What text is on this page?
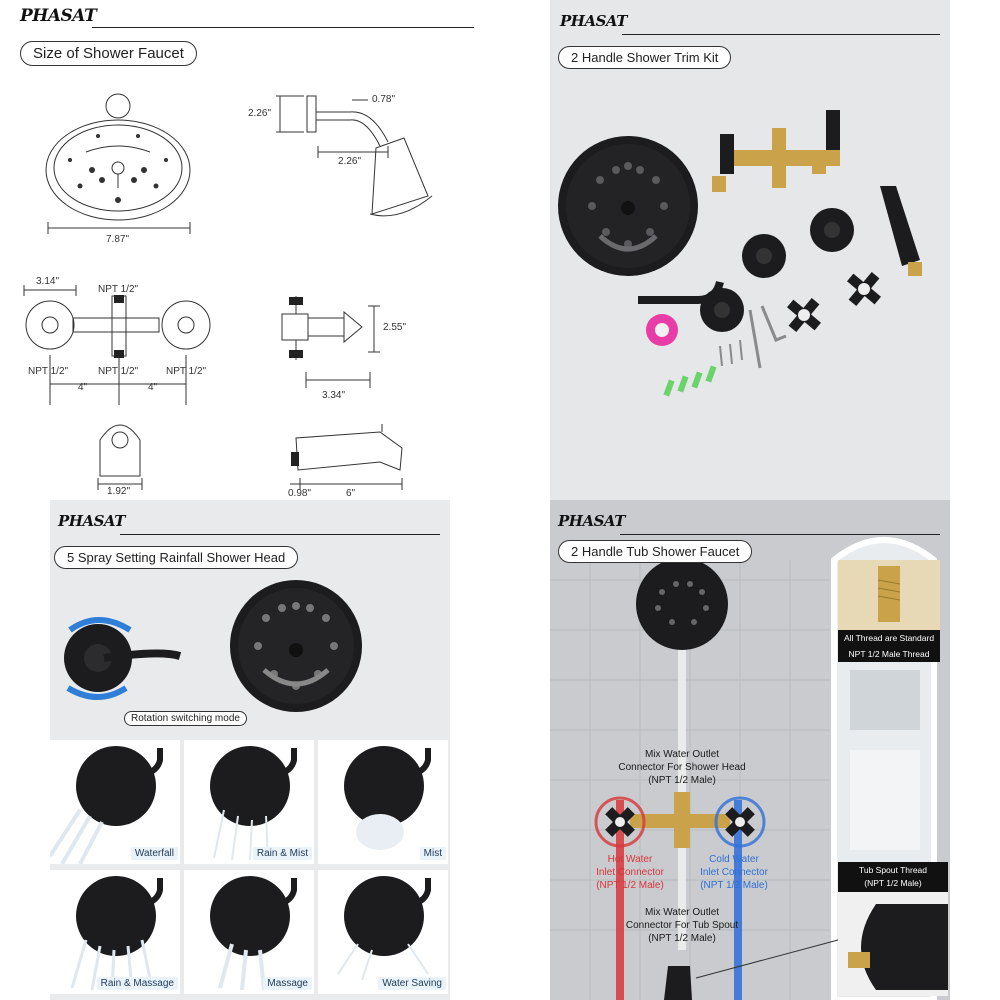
PHASAT
Size of Shower Faucet
7.87"
2.26"
0.78"
2.26"
3.14"
NPT 1/2"
NPT 1/2"	NPT 1/2"	NPT 1/2"
4"	4"
2.55"
3.34"
1.92"	0.98"	6"
PHASAT
2 Handle Shower Trim Kit
PHASAT
5 Spray Setting Rainfall Shower Head
Rotation switching mode
Waterfall	Rain & Mist	Mist
Rain & Massage	Massage	Water Saving
PHASAT
2 Handle Tub Shower Faucet
All Thread are Standard
NPT 1/2 Male Thread
Mix Water Outlet
Connector For Shower Head
(NPT 1/2 Male)
Hot Water
Inlet Connector
(NPT 1/2 Male)
Cold Water
Inlet Connector
(NPT 1/2 Male)
Mix Water Outlet
Connector For Tub Spout
(NPT 1/2 Male)
Tub Spout Thread
(NPT 1/2 Male)
